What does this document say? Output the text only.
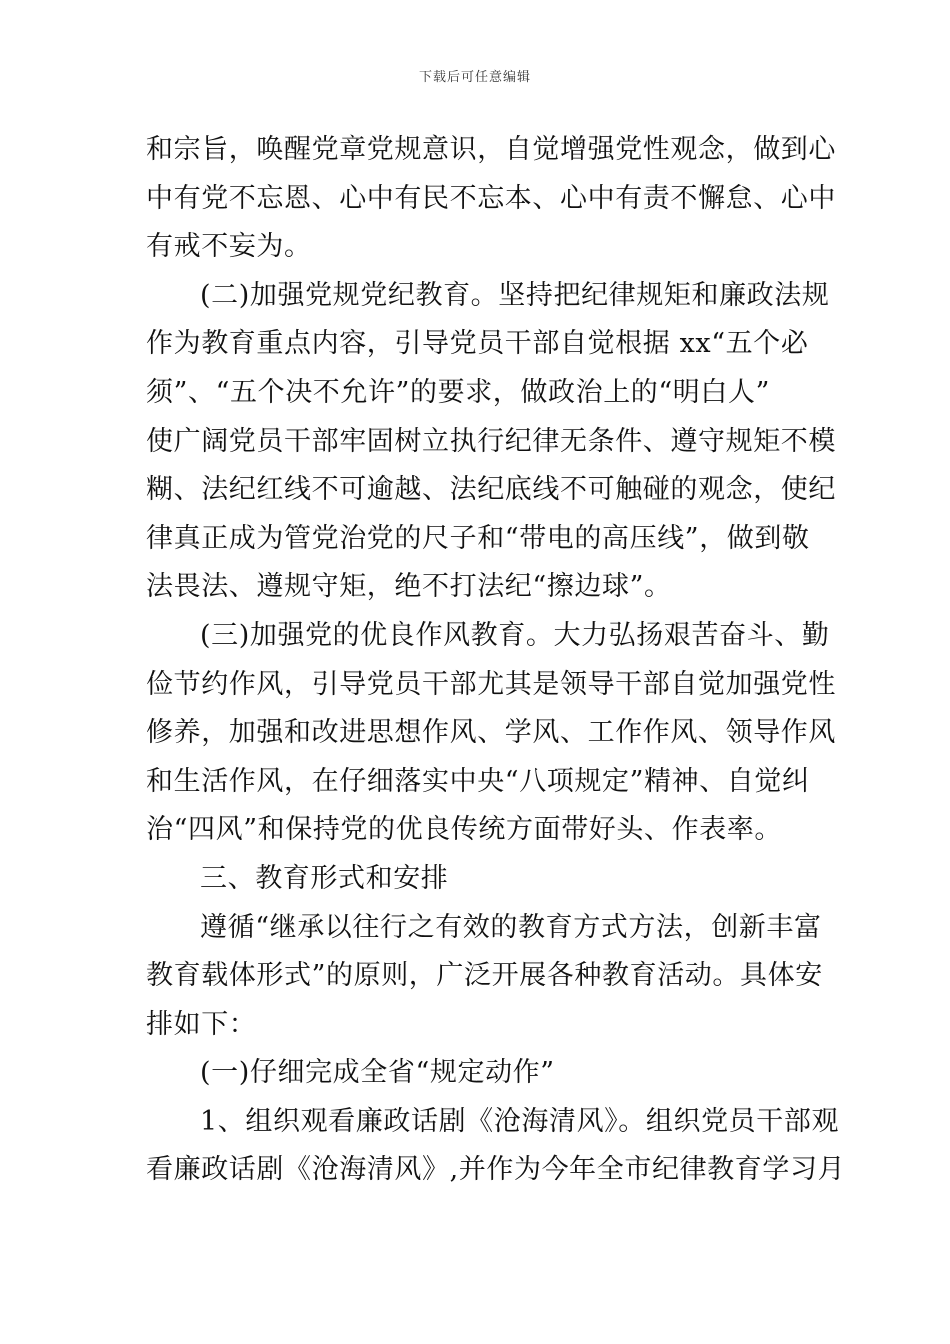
下载后可任意编辑

和宗旨，唤醒党章党规意识，自觉增强党性观念，做到心
中有党不忘恩、心中有民不忘本、心中有责不懈怠、心中
有戒不妄为。

(二)加强党规党纪教育。坚持把纪律规矩和廉政法规
作为教育重点内容，引导党员干部自觉根据 xx“五个必
须”、“五个决不允许”的要求，做政治上的“明白人”
使广阔党员干部牢固树立执行纪律无条件、遵守规矩不模
糊、法纪红线不可逾越、法纪底线不可触碰的观念，使纪
律真正成为管党治党的尺子和“带电的高压线”，做到敬
法畏法、遵规守矩，绝不打法纪“擦边球”。

(三)加强党的优良作风教育。大力弘扬艰苦奋斗、勤
俭节约作风，引导党员干部尤其是领导干部自觉加强党性
修养，加强和改进思想作风、学风、工作作风、领导作风
和生活作风，在仔细落实中央“八项规定”精神、自觉纠
治“四风”和保持党的优良传统方面带好头、作表率。

三、教育形式和安排

遵循“继承以往行之有效的教育方式方法，创新丰富
教育载体形式”的原则，广泛开展各种教育活动。具体安
排如下：

(一)仔细完成全省“规定动作”

1、组织观看廉政话剧《沧海清风》。组织党员干部观
看廉政话剧《沧海清风》,并作为今年全市纪律教育学习月
